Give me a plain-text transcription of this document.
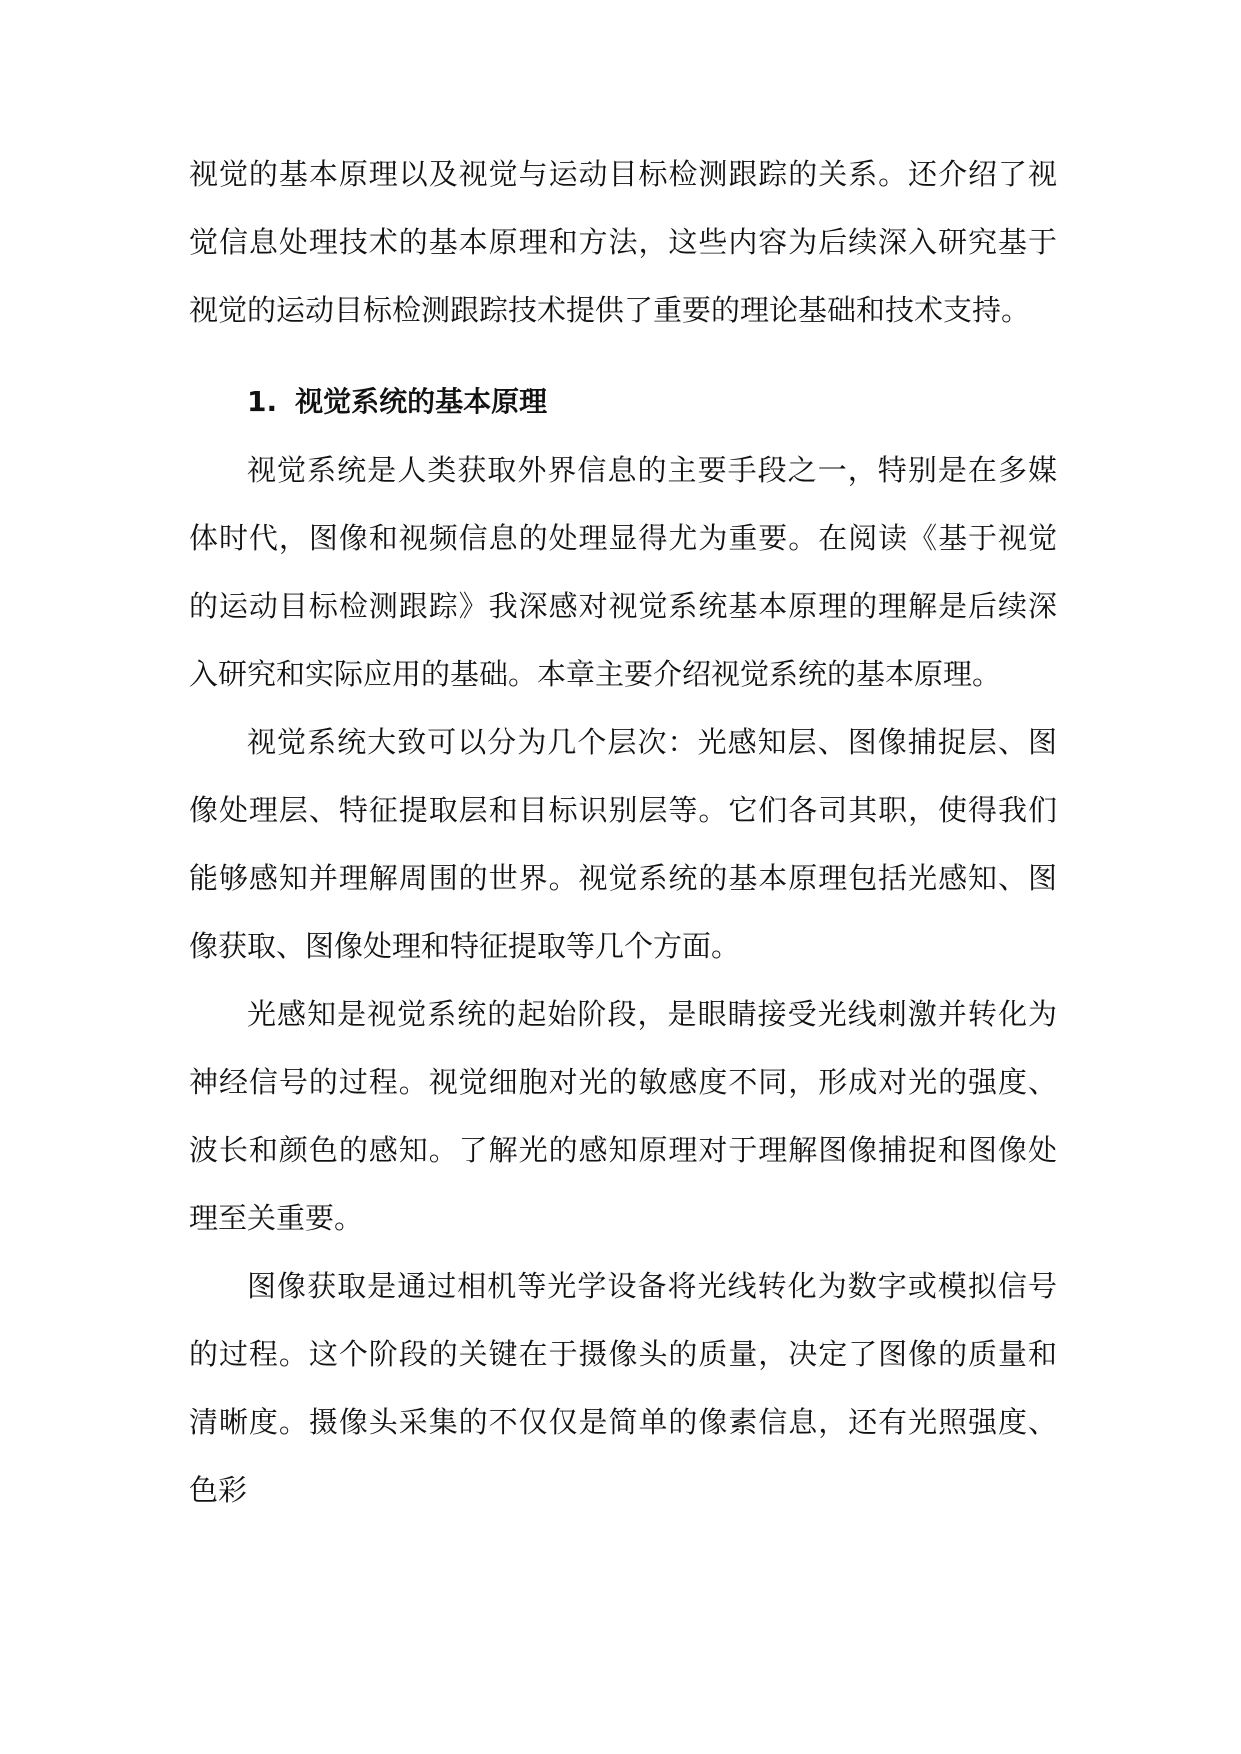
视觉的基本原理以及视觉与运动目标检测跟踪的关系。还介绍了视觉信息处理技术的基本原理和方法，这些内容为后续深入研究基于视觉的运动目标检测跟踪技术提供了重要的理论基础和技术支持。

1. 视觉系统的基本原理

视觉系统是人类获取外界信息的主要手段之一，特别是在多媒体时代，图像和视频信息的处理显得尤为重要。在阅读《基于视觉的运动目标检测跟踪》我深感对视觉系统基本原理的理解是后续深入研究和实际应用的基础。本章主要介绍视觉系统的基本原理。

视觉系统大致可以分为几个层次：光感知层、图像捕捉层、图像处理层、特征提取层和目标识别层等。它们各司其职，使得我们能够感知并理解周围的世界。视觉系统的基本原理包括光感知、图像获取、图像处理和特征提取等几个方面。

光感知是视觉系统的起始阶段，是眼睛接受光线刺激并转化为神经信号的过程。视觉细胞对光的敏感度不同，形成对光的强度、波长和颜色的感知。了解光的感知原理对于理解图像捕捉和图像处理至关重要。

图像获取是通过相机等光学设备将光线转化为数字或模拟信号的过程。这个阶段的关键在于摄像头的质量，决定了图像的质量和清晰度。摄像头采集的不仅仅是简单的像素信息，还有光照强度、色彩
